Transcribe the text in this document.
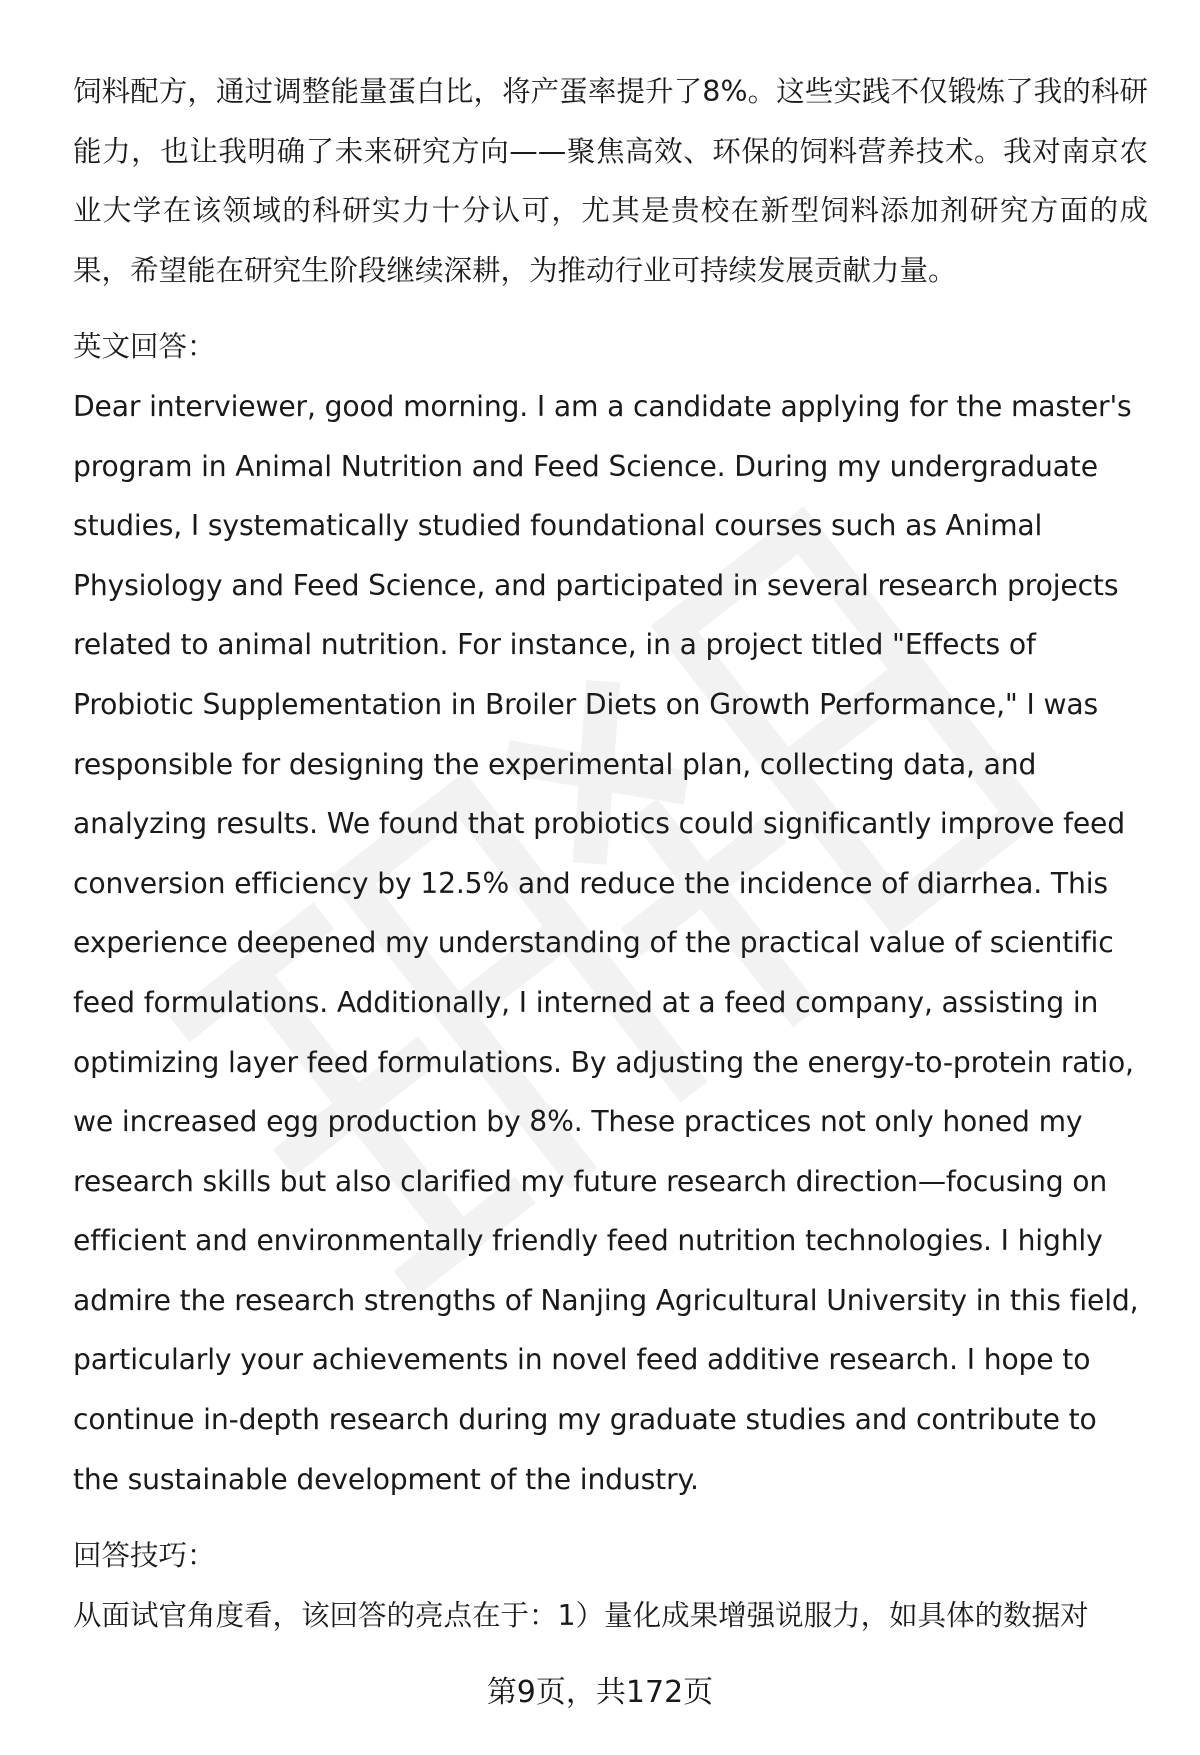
饲料配方，通过调整能量蛋白比，将产蛋率提升了8%。这些实践不仅锻炼了我的科研能力，也让我明确了未来研究方向——聚焦高效、环保的饲料营养技术。我对南京农业大学在该领域的科研实力十分认可，尤其是贵校在新型饲料添加剂研究方面的成果，希望能在研究生阶段继续深耕，为推动行业可持续发展贡献力量。

英文回答：

Dear interviewer, good morning. I am a candidate applying for the master's program in Animal Nutrition and Feed Science. During my undergraduate studies, I systematically studied foundational courses such as Animal Physiology and Feed Science, and participated in several research projects related to animal nutrition. For instance, in a project titled "Effects of Probiotic Supplementation in Broiler Diets on Growth Performance," I was responsible for designing the experimental plan, collecting data, and analyzing results. We found that probiotics could significantly improve feed conversion efficiency by 12.5% and reduce the incidence of diarrhea. This experience deepened my understanding of the practical value of scientific feed formulations. Additionally, I interned at a feed company, assisting in optimizing layer feed formulations. By adjusting the energy-to-protein ratio, we increased egg production by 8%. These practices not only honed my research skills but also clarified my future research direction—focusing on efficient and environmentally friendly feed nutrition technologies. I highly admire the research strengths of Nanjing Agricultural University in this field, particularly your achievements in novel feed additive research. I hope to continue in-depth research during my graduate studies and contribute to the sustainable development of the industry.

回答技巧：

从面试官角度看，该回答的亮点在于：1）量化成果增强说服力，如具体的数据对

第9页，共172页
